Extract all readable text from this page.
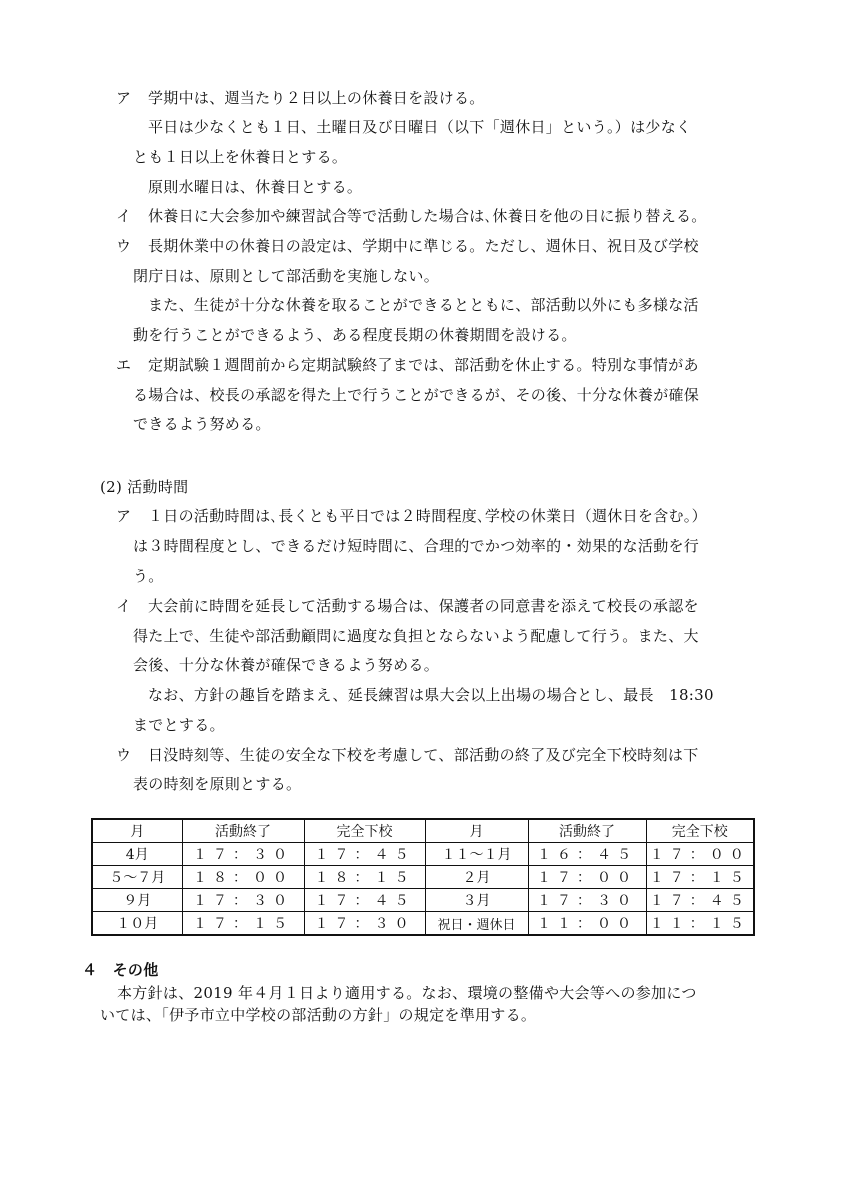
ア 学期中は、週当たり２日以上の休養日を設ける。
平日は少なくとも１日、土曜日及び日曜日（以下「週休日」という。）は少なく
とも１日以上を休養日とする。
原則水曜日は、休養日とする。
イ 休養日に大会参加や練習試合等で活動した場合は､休養日を他の日に振り替える。
ウ 長期休業中の休養日の設定は、学期中に準じる。ただし、週休日、祝日及び学校
閉庁日は、原則として部活動を実施しない。
また、生徒が十分な休養を取ることができるとともに、部活動以外にも多様な活
動を行うことができるよう、ある程度長期の休養期間を設ける。
エ 定期試験１週間前から定期試験終了までは、部活動を休止する。特別な事情があ
る場合は、校長の承認を得た上で行うことができるが、その後、十分な休養が確保
できるよう努める。
(2) 活動時間
ア １日の活動時間は､長くとも平日では２時間程度､学校の休業日（週休日を含む｡）
は３時間程度とし、できるだけ短時間に、合理的でかつ効率的・効果的な活動を行
う。
イ 大会前に時間を延長して活動する場合は、保護者の同意書を添えて校長の承認を
得た上で、生徒や部活動顧問に過度な負担とならないよう配慮して行う。また、大
会後、十分な休養が確保できるよう努める。
なお、方針の趣旨を踏まえ、延長練習は県大会以上出場の場合とし、最長　18:30
までとする。
ウ 日没時刻等、生徒の安全な下校を考慮して、部活動の終了及び完全下校時刻は下
表の時刻を原則とする。
月	活動終了	完全下校	月	活動終了	完全下校
4月	１７：３０	１７：４５	１１～１月	１６：４５	１７：００
５～７月	１８：００	１８：１５	２月	１７：００	１７：１５
９月	１７：３０	１７：４５	３月	１７：３０	１７：４５
１０月	１７：１５	１７：３０	祝日・週休日	１１：００	１１：１５
４　その他
本方針は、2019 年４月１日より適用する。なお、環境の整備や大会等への参加につ
いては、「伊予市立中学校の部活動の方針」の規定を準用する。
